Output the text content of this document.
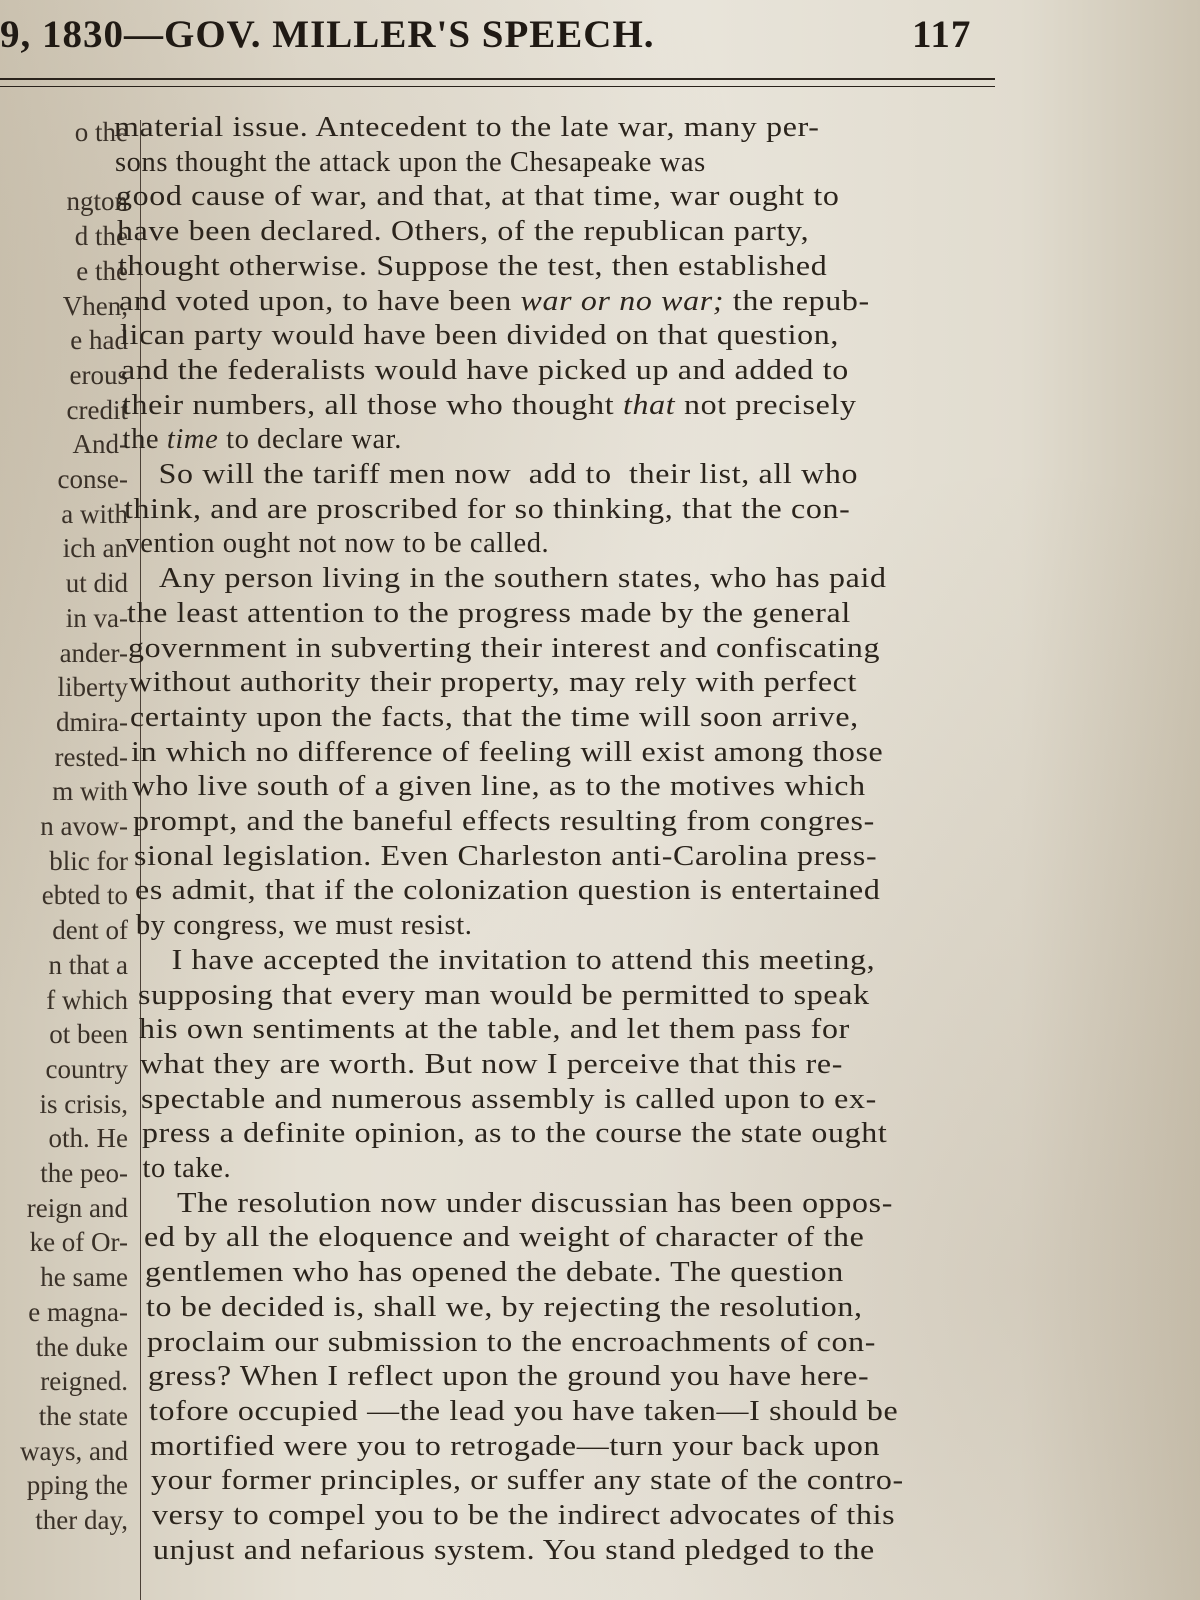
9, 1830—GOV. MILLER'S SPEECH.	117
o the
ngton
d the
e the
Vhen,
e had
erous
credit
And-
conse-
a with
ich an
ut did
in va-
ander-
liberty
dmira-
rested-
m with
n avow-
blic for
ebted to
dent of
n that a
f which
ot been
country
is crisis,
oth. He
the peo-
reign and
ke of Or-
he same
e magna-
the duke
reigned.
the state
ways, and
pping the
ther day,
material issue. Antecedent to the late war, many per-
sons thought the attack upon the Chesapeake was
good cause of war, and that, at that time, war ought to
have been declared. Others, of the republican party,
thought otherwise. Suppose the test, then established
and voted upon, to have been war or no war; the repub-
lican party would have been divided on that question,
and the federalists would have picked up and added to
their numbers, all those who thought that not precisely
the time to declare war.
So will the tariff men now  add to  their list, all who
think, and are proscribed for so thinking, that the con-
vention ought not now to be called.
Any person living in the southern states, who has paid
the least attention to the progress made by the general
government in subverting their interest and confiscating
without authority their property, may rely with perfect
certainty upon the facts, that the time will soon arrive,
in which no difference of feeling will exist among those
who live south of a given line, as to the motives which
prompt, and the baneful effects resulting from congres-
sional legislation. Even Charleston anti-Carolina press-
es admit, that if the colonization question is entertained
by congress, we must resist.
I have accepted the invitation to attend this meeting,
supposing that every man would be permitted to speak
his own sentiments at the table, and let them pass for
what they are worth. But now I perceive that this re-
spectable and numerous assembly is called upon to ex-
press a definite opinion, as to the course the state ought
to take.
The resolution now under discussian has been oppos-
ed by all the eloquence and weight of character of the
gentlemen who has opened the debate. The question
to be decided is, shall we, by rejecting the resolution,
proclaim our submission to the encroachments of con-
gress? When I reflect upon the ground you have here-
tofore occupied —the lead you have taken—I should be
mortified were you to retrogade—turn your back upon
your former principles, or suffer any state of the contro-
versy to compel you to be the indirect advocates of this
unjust and nefarious system. You stand pledged to the
